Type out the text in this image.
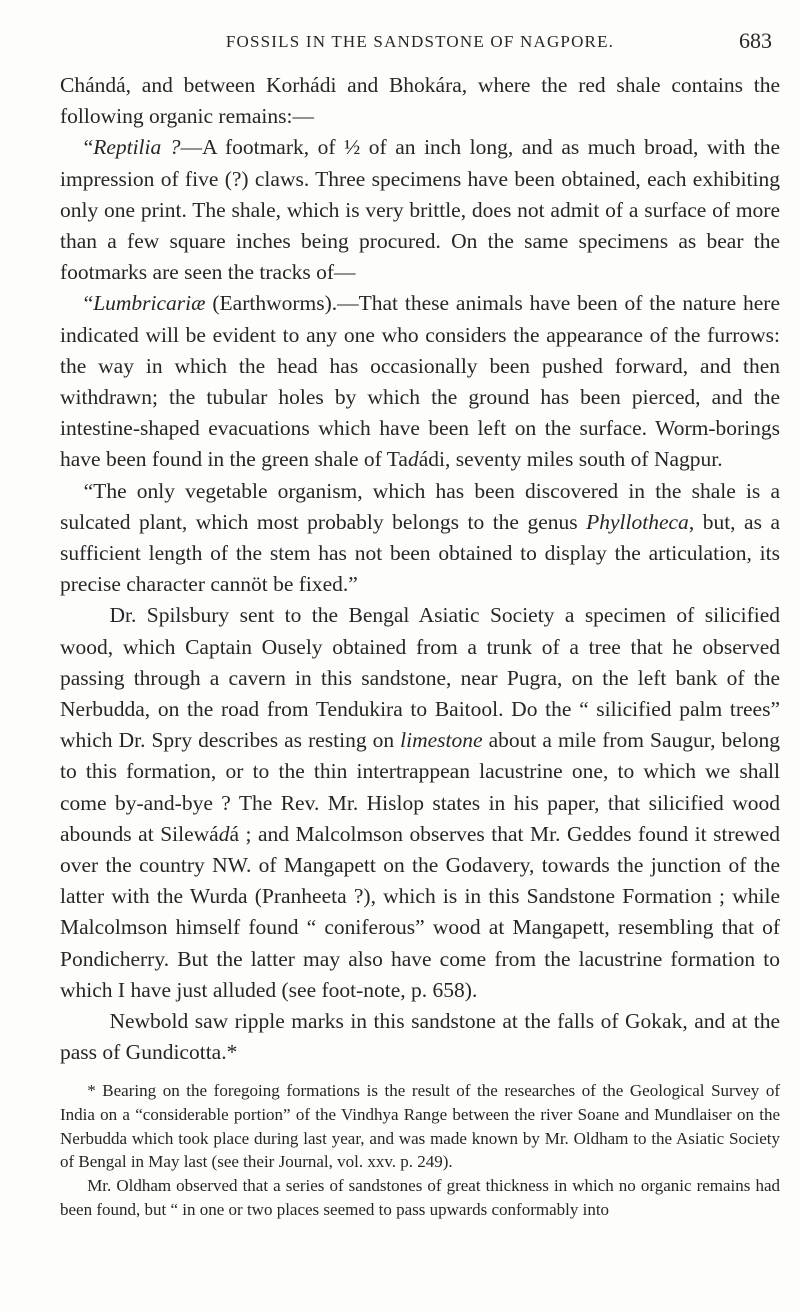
FOSSILS IN THE SANDSTONE OF NAGPORE.	683

Chándá, and between Korhádi and Bhokára, where the red shale contains the following organic remains:—

“Reptilia ?—A footmark, of ½ of an inch long, and as much broad, with the impression of five (?) claws. Three specimens have been obtained, each exhibiting only one print. The shale, which is very brittle, does not admit of a surface of more than a few square inches being procured. On the same specimens as bear the footmarks are seen the tracks of—

“Lumbricariæ (Earthworms).—That these animals have been of the nature here indicated will be evident to any one who considers the appearance of the furrows: the way in which the head has occasionally been pushed forward, and then withdrawn; the tubular holes by which the ground has been pierced, and the intestine-shaped evacuations which have been left on the surface. Worm-borings have been found in the green shale of Tadádi, seventy miles south of Nagpur.

“The only vegetable organism, which has been discovered in the shale is a sulcated plant, which most probably belongs to the genus Phyllotheca, but, as a sufficient length of the stem has not been obtained to display the articulation, its precise character cannöt be fixed.”

Dr. Spilsbury sent to the Bengal Asiatic Society a specimen of silicified wood, which Captain Ousely obtained from a trunk of a tree that he observed passing through a cavern in this sandstone, near Pugra, on the left bank of the Nerbudda, on the road from Tendukira to Baitool. Do the “ silicified palm trees” which Dr. Spry describes as resting on limestone about a mile from Saugur, belong to this formation, or to the thin intertrappean lacustrine one, to which we shall come by-and-bye ? The Rev. Mr. Hislop states in his paper, that silicified wood abounds at Silewádá ; and Malcolmson observes that Mr. Geddes found it strewed over the country NW. of Mangapett on the Godavery, towards the junction of the latter with the Wurda (Pranheeta ?), which is in this Sandstone Formation ; while Malcolmson himself found “ coniferous” wood at Mangapett, resembling that of Pondicherry. But the latter may also have come from the lacustrine formation to which I have just alluded (see foot-note, p. 658).

Newbold saw ripple marks in this sandstone at the falls of Gokak, and at the pass of Gundicotta.*

* Bearing on the foregoing formations is the result of the researches of the Geological Survey of India on a “considerable portion” of the Vindhya Range between the river Soane and Mundlaiser on the Nerbudda which took place during last year, and was made known by Mr. Oldham to the Asiatic Society of Bengal in May last (see their Journal, vol. xxv. p. 249).

Mr. Oldham observed that a series of sandstones of great thickness in which no organic remains had been found, but “ in one or two places seemed to pass upwards conformably into
